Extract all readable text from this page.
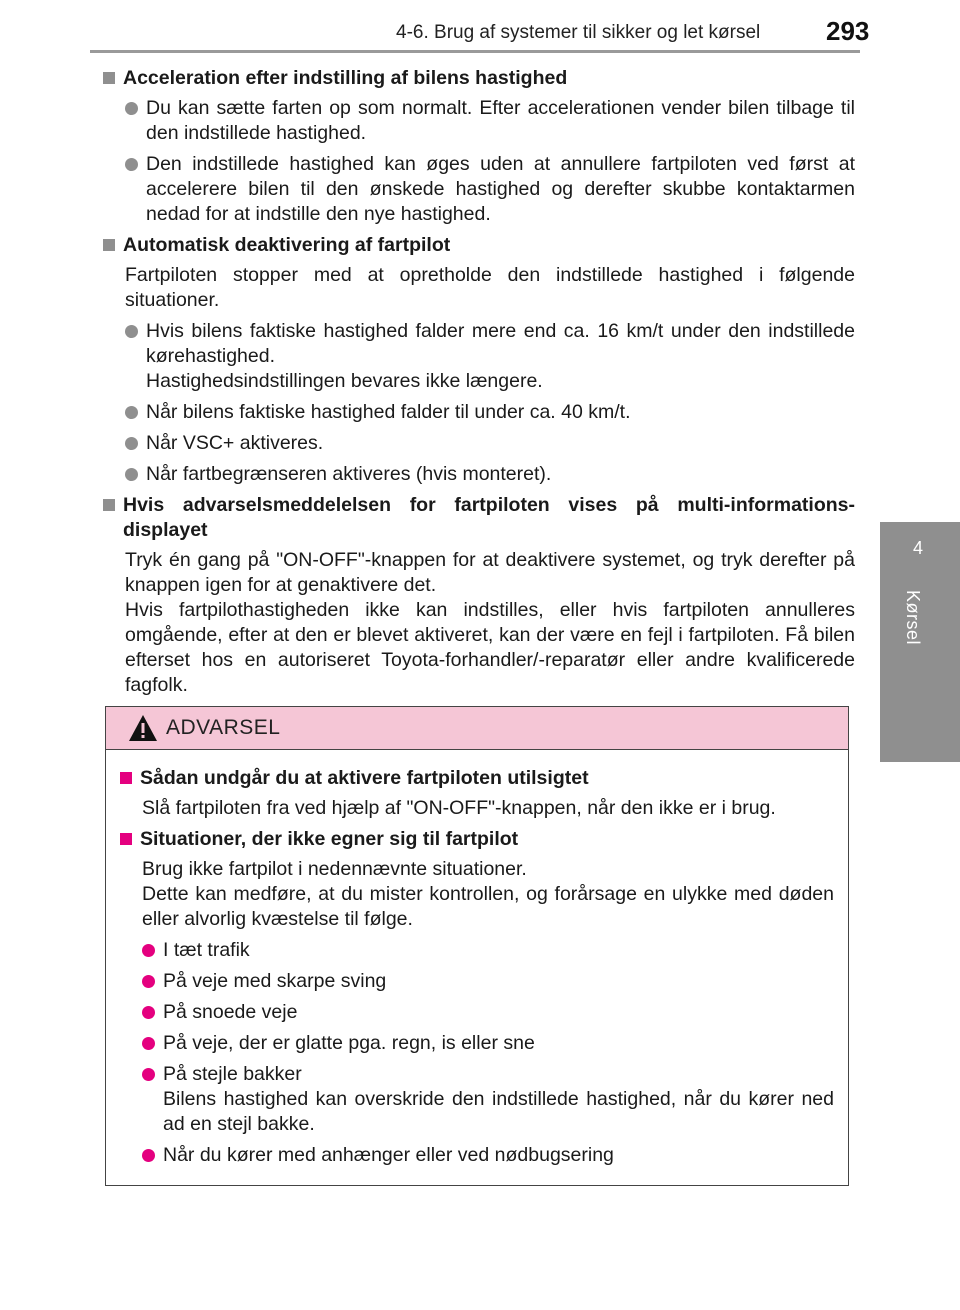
4-6. Brug af systemer til sikker og let kørsel	293
4
Kørsel
Acceleration efter indstilling af bilens hastighed
Du kan sætte farten op som normalt. Efter accelerationen vender bilen tilbage til den indstillede hastighed.
Den indstillede hastighed kan øges uden at annullere fartpiloten ved først at accelerere bilen til den ønskede hastighed og derefter skubbe kontaktarmen nedad for at indstille den nye hastighed.
Automatisk deaktivering af fartpilot
Fartpiloten stopper med at opretholde den indstillede hastighed i følgende situationer.
Hvis bilens faktiske hastighed falder mere end ca. 16 km/t under den indstillede kørehastighed.
Hastighedsindstillingen bevares ikke længere.
Når bilens faktiske hastighed falder til under ca. 40 km/t.
Når VSC+ aktiveres.
Når fartbegrænseren aktiveres (hvis monteret).
Hvis advarselsmeddelelsen for fartpiloten vises på multi-informations-displayet
Tryk én gang på "ON-OFF"-knappen for at deaktivere systemet, og tryk derefter på knappen igen for at genaktivere det.
Hvis fartpilothastigheden ikke kan indstilles, eller hvis fartpiloten annulleres omgående, efter at den er blevet aktiveret, kan der være en fejl i fartpiloten. Få bilen efterset hos en autoriseret Toyota-forhandler/-reparatør eller andre kvalificerede fagfolk.
ADVARSEL
Sådan undgår du at aktivere fartpiloten utilsigtet
Slå fartpiloten fra ved hjælp af "ON-OFF"-knappen, når den ikke er i brug.
Situationer, der ikke egner sig til fartpilot
Brug ikke fartpilot i nedennævnte situationer.
Dette kan medføre, at du mister kontrollen, og forårsage en ulykke med døden eller alvorlig kvæstelse til følge.
I tæt trafik
På veje med skarpe sving
På snoede veje
På veje, der er glatte pga. regn, is eller sne
På stejle bakker
Bilens hastighed kan overskride den indstillede hastighed, når du kører ned ad en stejl bakke.
Når du kører med anhænger eller ved nødbugsering
